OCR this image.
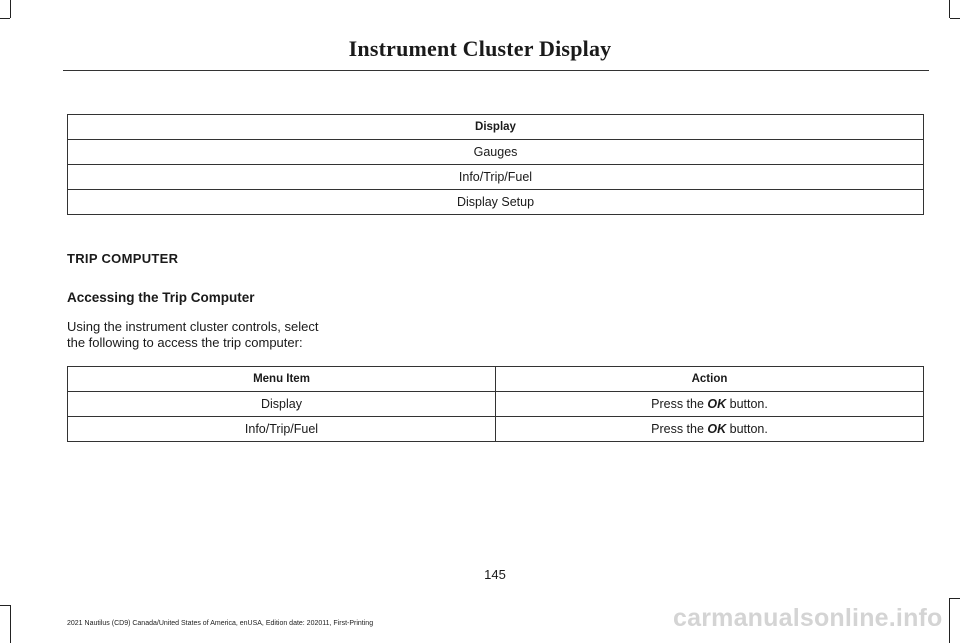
Instrument Cluster Display
Display
Gauges
Info/Trip/Fuel
Display Setup
TRIP COMPUTER
Accessing the Trip Computer
Using the instrument cluster controls, select
the following to access the trip computer:
Menu Item	Action
Display	Press the OK button.
Info/Trip/Fuel	Press the OK button.
145
2021 Nautilus (CD9) Canada/United States of America, enUSA, Edition date: 202011, First-Printing	carmanualsonline.info
